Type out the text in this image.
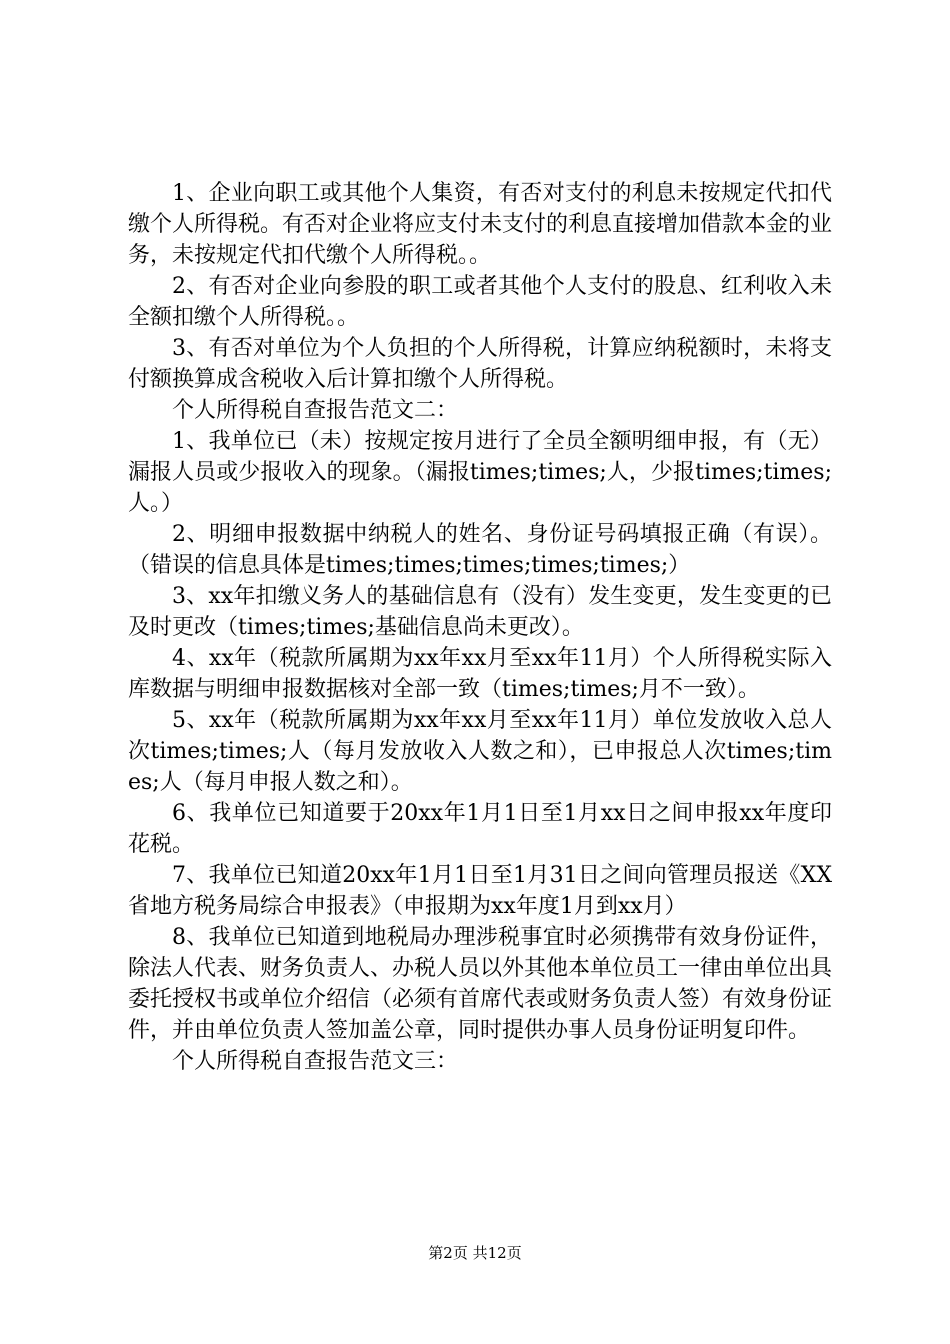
1、企业向职工或其他个人集资，有否对支付的利息未按规定代扣代缴个人所得税。有否对企业将应支付未支付的利息直接增加借款本金的业务，未按规定代扣代缴个人所得税。。

2、有否对企业向参股的职工或者其他个人支付的股息、红利收入未全额扣缴个人所得税。。

3、有否对单位为个人负担的个人所得税，计算应纳税额时，未将支付额换算成含税收入后计算扣缴个人所得税。

个人所得税自查报告范文二：

1、我单位已（未）按规定按月进行了全员全额明细申报，有（无）漏报人员或少报收入的现象。（漏报times;times;人，少报times;times;人。）

2、明细申报数据中纳税人的姓名、身份证号码填报正确（有误）。（错误的信息具体是times;times;times;times;times;）

3、xx年扣缴义务人的基础信息有（没有）发生变更，发生变更的已及时更改（times;times;基础信息尚未更改）。

4、xx年（税款所属期为xx年xx月至xx年11月）个人所得税实际入库数据与明细申报数据核对全部一致（times;times;月不一致）。

5、xx年（税款所属期为xx年xx月至xx年11月）单位发放收入总人次times;times;人（每月发放收入人数之和），已申报总人次times;times;人（每月申报人数之和）。

6、我单位已知道要于20xx年1月1日至1月xx日之间申报xx年度印花税。

7、我单位已知道20xx年1月1日至1月31日之间向管理员报送《XX省地方税务局综合申报表》（申报期为xx年度1月到xx月）

8、我单位已知道到地税局办理涉税事宜时必须携带有效身份证件，除法人代表、财务负责人、办税人员以外其他本单位员工一律由单位出具委托授权书或单位介绍信（必须有首席代表或财务负责人签）有效身份证件，并由单位负责人签加盖公章，同时提供办事人员身份证明复印件。

个人所得税自查报告范文三：

第2页 共12页
